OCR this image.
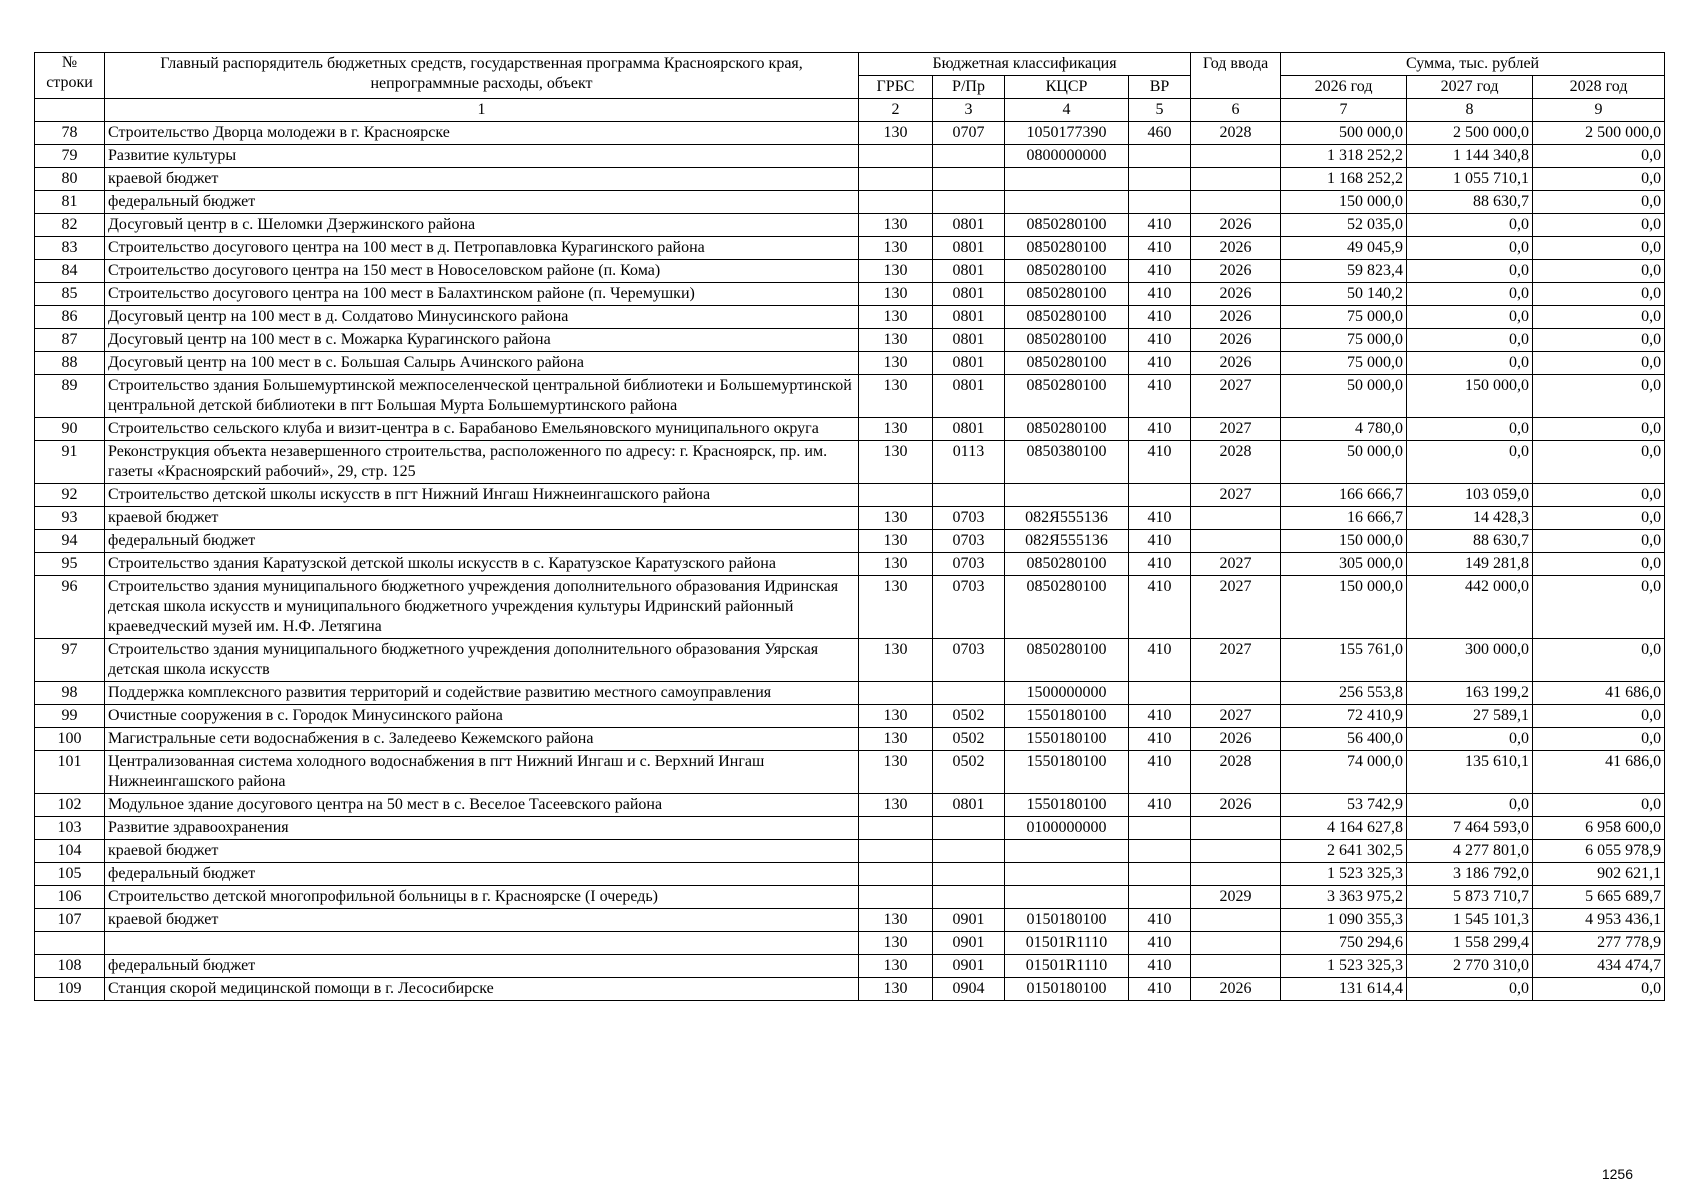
№ строки	Главный распорядитель бюджетных средств, государственная программа Красноярского края, непрограммные расходы, объект	Бюджетная классификация				Год ввода	Сумма, тыс. рублей		
		ГРБС	Р/Пр	КЦСР	ВР		2026 год	2027 год	2028 год
	1	2	3	4	5	6	7	8	9
78	Строительство Дворца молодежи в г. Красноярске	130	0707	1050177390	460	2028	500 000,0	2 500 000,0	2 500 000,0
79	Развитие культуры			0800000000			1 318 252,2	1 144 340,8	0,0
80	краевой бюджет						1 168 252,2	1 055 710,1	0,0
81	федеральный бюджет						150 000,0	88 630,7	0,0
82	Досуговый центр в с. Шеломки Дзержинского района	130	0801	0850280100	410	2026	52 035,0	0,0	0,0
83	Строительство досугового центра на 100 мест в д. Петропавловка Курагинского района	130	0801	0850280100	410	2026	49 045,9	0,0	0,0
84	Строительство досугового центра на 150 мест в Новоселовском районе (п. Кома)	130	0801	0850280100	410	2026	59 823,4	0,0	0,0
85	Строительство досугового центра на 100 мест в Балахтинском районе (п. Черемушки)	130	0801	0850280100	410	2026	50 140,2	0,0	0,0
86	Досуговый центр на 100 мест в д. Солдатово Минусинского района	130	0801	0850280100	410	2026	75 000,0	0,0	0,0
87	Досуговый центр на 100 мест в с. Можарка Курагинского района	130	0801	0850280100	410	2026	75 000,0	0,0	0,0
88	Досуговый центр на 100 мест в с. Большая Салырь Ачинского района	130	0801	0850280100	410	2026	75 000,0	0,0	0,0
89	Строительство здания Большемуртинской межпоселенческой центральной библиотеки и Большемуртинской центральной детской библиотеки в пгт Большая Мурта Большемуртинского района	130	0801	0850280100	410	2027	50 000,0	150 000,0	0,0
90	Строительство сельского клуба и визит-центра в с. Барабаново Емельяновского муниципального округа	130	0801	0850280100	410	2027	4 780,0	0,0	0,0
91	Реконструкция объекта незавершенного строительства, расположенного по адресу: г. Красноярск, пр. им. газеты «Красноярский рабочий», 29, стр. 125	130	0113	0850380100	410	2028	50 000,0	0,0	0,0
92	Строительство детской школы искусств в пгт Нижний Ингаш Нижнеингашского района					2027	166 666,7	103 059,0	0,0
93	краевой бюджет	130	0703	082Я555136	410		16 666,7	14 428,3	0,0
94	федеральный бюджет	130	0703	082Я555136	410		150 000,0	88 630,7	0,0
95	Строительство здания Каратузской детской школы искусств в с. Каратузское Каратузского района	130	0703	0850280100	410	2027	305 000,0	149 281,8	0,0
96	Строительство здания муниципального бюджетного учреждения дополнительного образования Идринская детская школа искусств и муниципального бюджетного учреждения культуры Идринский районный краеведческий музей им. Н.Ф. Летягина	130	0703	0850280100	410	2027	150 000,0	442 000,0	0,0
97	Строительство здания муниципального бюджетного учреждения дополнительного образования Уярская детская школа искусств	130	0703	0850280100	410	2027	155 761,0	300 000,0	0,0
98	Поддержка комплексного развития территорий и содействие развитию местного самоуправления			1500000000			256 553,8	163 199,2	41 686,0
99	Очистные сооружения в с. Городок Минусинского района	130	0502	1550180100	410	2027	72 410,9	27 589,1	0,0
100	Магистральные сети водоснабжения в с. Заледеево Кежемского района	130	0502	1550180100	410	2026	56 400,0	0,0	0,0
101	Централизованная система холодного водоснабжения в пгт Нижний Ингаш и с. Верхний Ингаш Нижнеингашского района	130	0502	1550180100	410	2028	74 000,0	135 610,1	41 686,0
102	Модульное здание досугового центра на 50 мест в с. Веселое Тасеевского района	130	0801	1550180100	410	2026	53 742,9	0,0	0,0
103	Развитие здравоохранения			0100000000			4 164 627,8	7 464 593,0	6 958 600,0
104	краевой бюджет						2 641 302,5	4 277 801,0	6 055 978,9
105	федеральный бюджет						1 523 325,3	3 186 792,0	902 621,1
106	Строительство детской многопрофильной больницы в г. Красноярске (I очередь)					2029	3 363 975,2	5 873 710,7	5 665 689,7
107	краевой бюджет	130	0901	0150180100	410		1 090 355,3	1 545 101,3	4 953 436,1
		130	0901	01501R1110	410		750 294,6	1 558 299,4	277 778,9
108	федеральный бюджет	130	0901	01501R1110	410		1 523 325,3	2 770 310,0	434 474,7
109	Станция скорой медицинской помощи в г. Лесосибирске	130	0904	0150180100	410	2026	131 614,4	0,0	0,0
1256
